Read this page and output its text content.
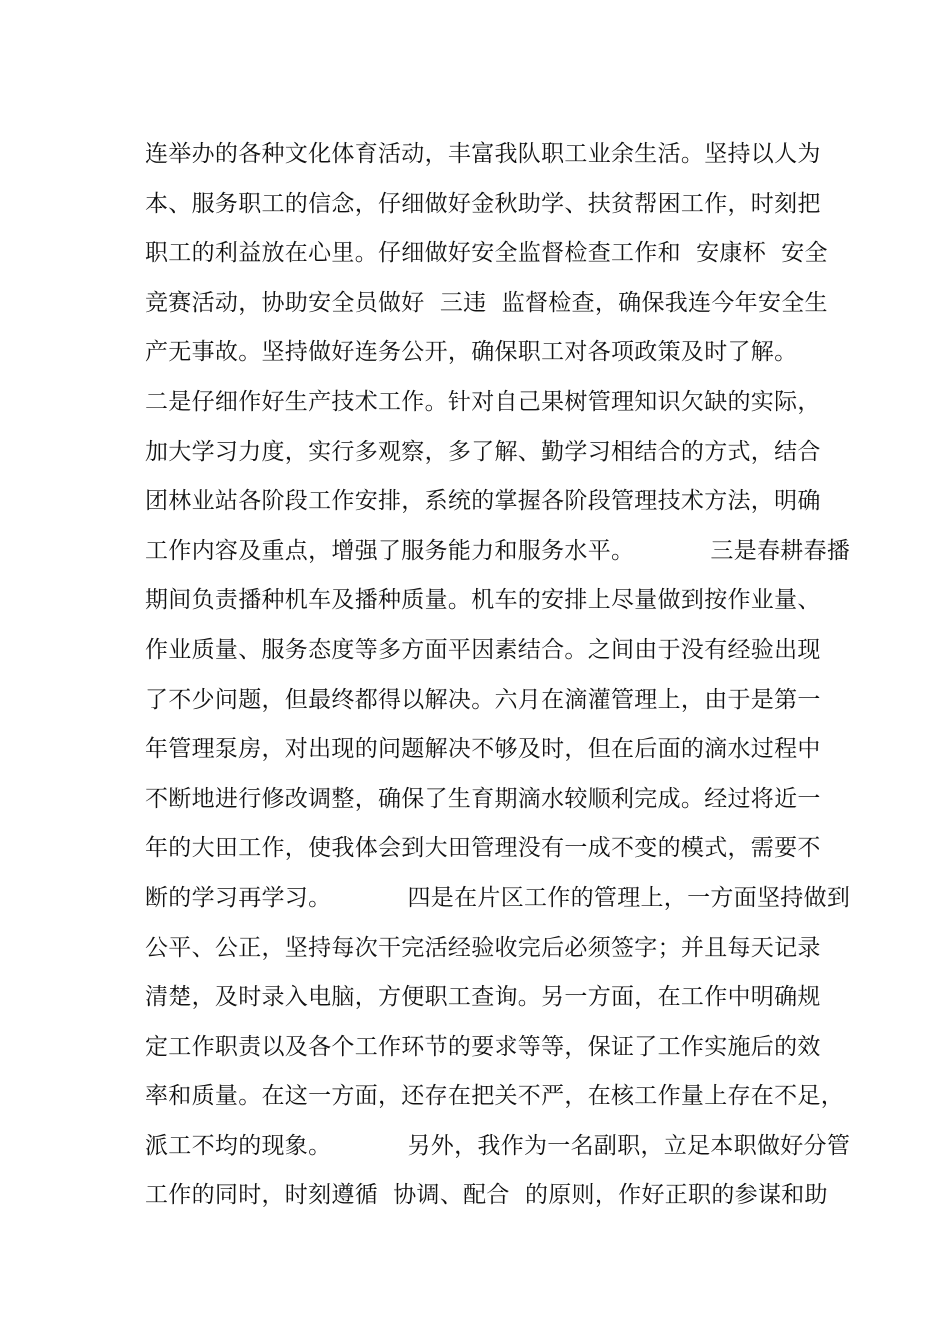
连举办的各种文化体育活动，丰富我队职工业余生活。坚持以人为
本、服务职工的信念，仔细做好金秋助学、扶贫帮困工作，时刻把
职工的利益放在心里。仔细做好安全监督检查工作和  安康杯  安全
竞赛活动，协助安全员做好  三违  监督检查，确保我连今年安全生
产无事故。坚持做好连务公开，确保职工对各项政策及时了解。
二是仔细作好生产技术工作。针对自己果树管理知识欠缺的实际，
加大学习力度，实行多观察，多了解、勤学习相结合的方式，结合
团林业站各阶段工作安排，系统的掌握各阶段管理技术方法，明确
工作内容及重点，增强了服务能力和服务水平。          三是春耕春播
期间负责播种机车及播种质量。机车的安排上尽量做到按作业量、
作业质量、服务态度等多方面平因素结合。之间由于没有经验出现
了不少问题，但最终都得以解决。六月在滴灌管理上，由于是第一
年管理泵房，对出现的问题解决不够及时，但在后面的滴水过程中
不断地进行修改调整，确保了生育期滴水较顺利完成。经过将近一
年的大田工作，使我体会到大田管理没有一成不变的模式，需要不
断的学习再学习。          四是在片区工作的管理上，一方面坚持做到
公平、公正，坚持每次干完活经验收完后必须签字；并且每天记录
清楚，及时录入电脑，方便职工查询。另一方面，在工作中明确规
定工作职责以及各个工作环节的要求等等，保证了工作实施后的效
率和质量。在这一方面，还存在把关不严，在核工作量上存在不足，
派工不均的现象。          另外，我作为一名副职，立足本职做好分管
工作的同时，时刻遵循  协调、配合  的原则，作好正职的参谋和助
